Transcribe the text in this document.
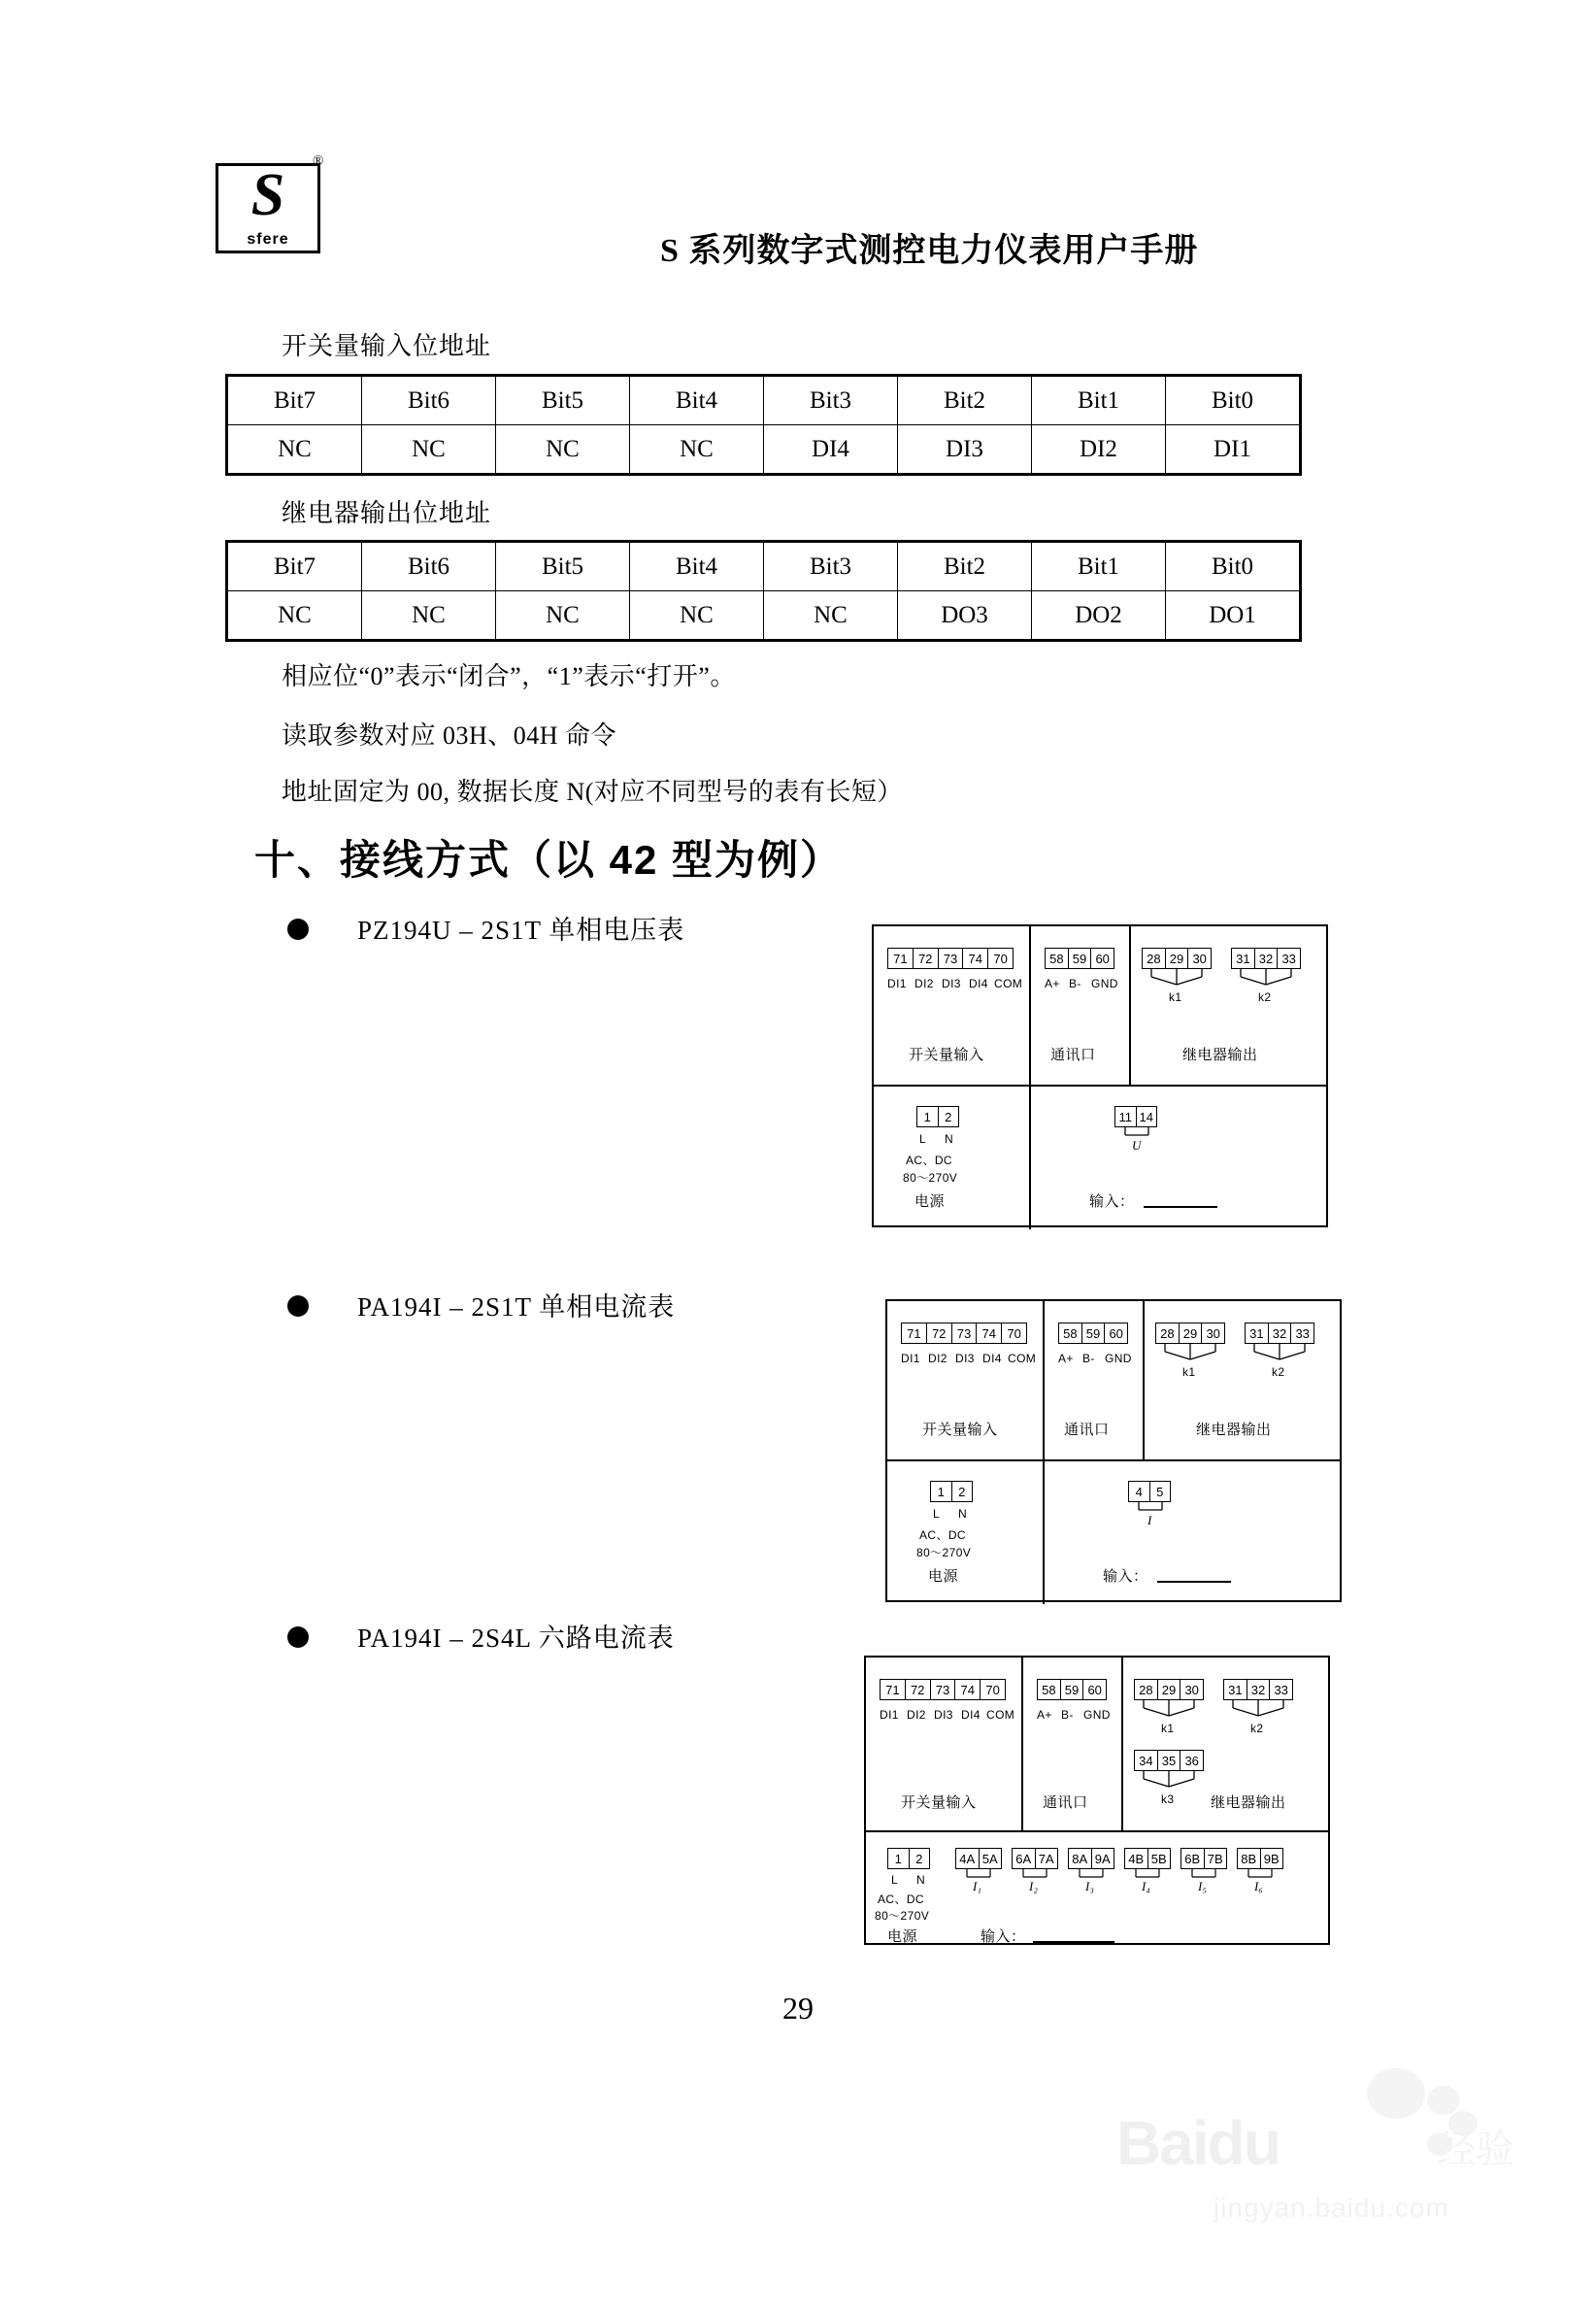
S
sfere
®
S 系列数字式测控电力仪表用户手册
开关量输入位地址
Bit7	Bit6	Bit5	Bit4	Bit3	Bit2	Bit1	Bit0
NC	NC	NC	NC	DI4	DI3	DI2	DI1
继电器输出位地址
Bit7	Bit6	Bit5	Bit4	Bit3	Bit2	Bit1	Bit0
NC	NC	NC	NC	NC	DO3	DO2	DO1
相应位“0”表示“闭合”，“1”表示“打开”。
读取参数对应 03H、04H 命令
地址固定为 00, 数据长度 N(对应不同型号的表有长短）
十、接线方式（以 42 型为例）
PZ194U – 2S1T 单相电压表
71 72 73 74 70
DI1 DI2 DI3 DI4 COM
开关量输入
58 59 60
A+ B- GND
通讯口
28 29 30
k1
31 32 33
k2
继电器输出
1	2
L N
AC、DC
80～270V
电源
11 14
U
输入：
PA194I – 2S1T 单相电流表
71 72 73 74 70
DI1 DI2 DI3 DI4 COM
开关量输入
58 59 60
A+ B- GND
通讯口
28 29 30
k1
31 32 33
k2
继电器输出
1	2
L N
AC、DC
80～270V
电源
4	5
I
输入：
PA194I – 2S4L 六路电流表
71 72 73 74 70
DI1 DI2 DI3 DI4 COM
开关量输入
58 59 60
A+ B- GND
通讯口
28 29 30
k1
31 32 33
k2
34 35 36
k3	继电器输出
1	2
L N
AC、DC
80～270V
电源
4A 5A
I₁
6A 7A
I₂
8A 9A
I₃
4B 5B
I₄
6B 7B
I₅
8B 9B
I₆
输入：
29
Baidu	经验
jingyan.baidu.com
